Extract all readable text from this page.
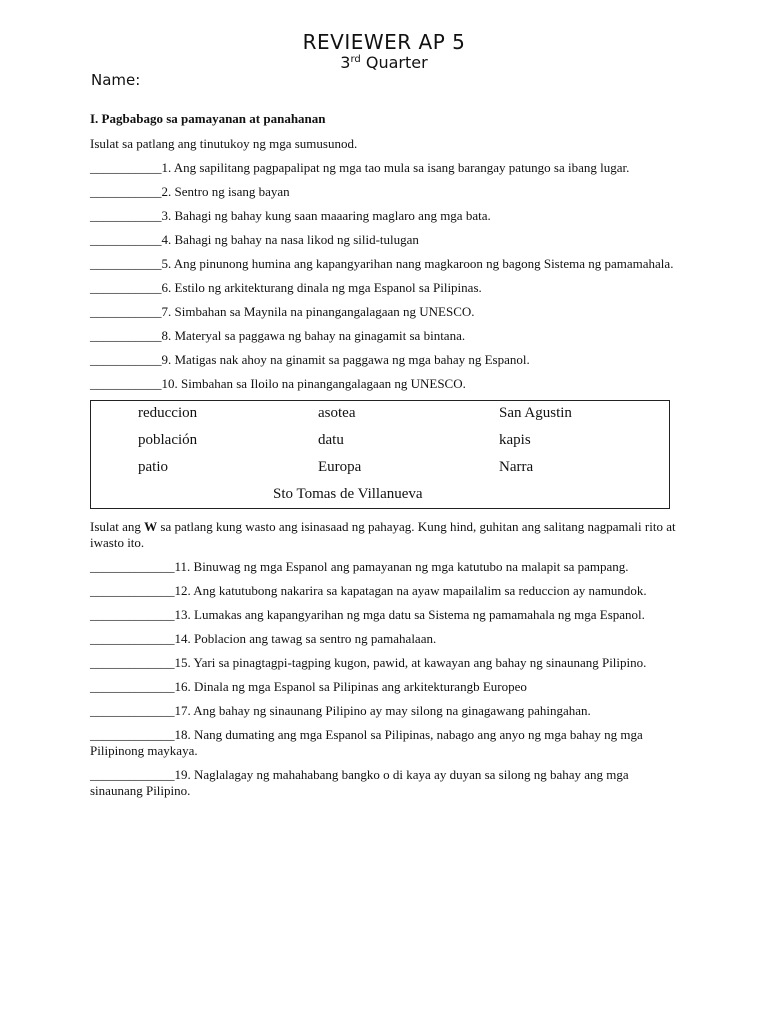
REVIEWER AP 5
3rd Quarter
Name:
I. Pagbabago sa pamayanan at panahanan
Isulat sa patlang ang tinutukoy ng mga sumusunod.
___________1. Ang sapilitang pagpapalipat ng mga tao mula sa isang barangay patungo sa ibang lugar.
___________2. Sentro ng isang bayan
___________3. Bahagi ng bahay kung saan maaaring maglaro ang mga bata.
___________4. Bahagi ng bahay na nasa likod ng silid-tulugan
___________5. Ang pinunong humina ang kapangyarihan nang magkaroon ng bagong Sistema ng pamamahala.
___________6. Estilo ng arkitekturang dinala ng mga Espanol sa Pilipinas.
___________7. Simbahan sa Maynila na pinangangalagaan ng UNESCO.
___________8. Materyal sa paggawa ng bahay na ginagamit sa bintana.
___________9. Matigas nak ahoy na ginamit sa paggawa ng mga bahay ng Espanol.
___________10. Simbahan sa Iloilo na pinangangalagaan ng UNESCO.
reduccion	asotea	San Agustin
población	datu	kapis
patio	Europa	Narra
Sto Tomas de Villanueva
Isulat ang W sa patlang kung wasto ang isinasaad ng pahayag. Kung hind, guhitan ang salitang nagpamali rito at iwasto ito.
_____________11. Binuwag ng mga Espanol ang pamayanan ng mga katutubo na malapit sa pampang.
_____________12. Ang katutubong nakarira sa kapatagan na ayaw mapailalim sa reduccion ay namundok.
_____________13. Lumakas ang kapangyarihan ng mga datu sa Sistema ng pamamahala ng mga Espanol.
_____________14. Poblacion ang tawag sa sentro ng pamahalaan.
_____________15. Yari sa pinagtagpi-tagping kugon, pawid, at kawayan ang bahay ng sinaunang Pilipino.
_____________16. Dinala ng mga Espanol sa Pilipinas ang arkitekturangb Europeo
_____________17. Ang bahay ng sinaunang Pilipino ay may silong na ginagawang pahingahan.
_____________18. Nang dumating ang mga Espanol sa Pilipinas, nabago ang anyo ng mga bahay ng mga Pilipinong maykaya.
_____________19. Naglalagay ng mahahabang bangko o di kaya ay duyan sa silong ng bahay ang mga sinaunang Pilipino.
